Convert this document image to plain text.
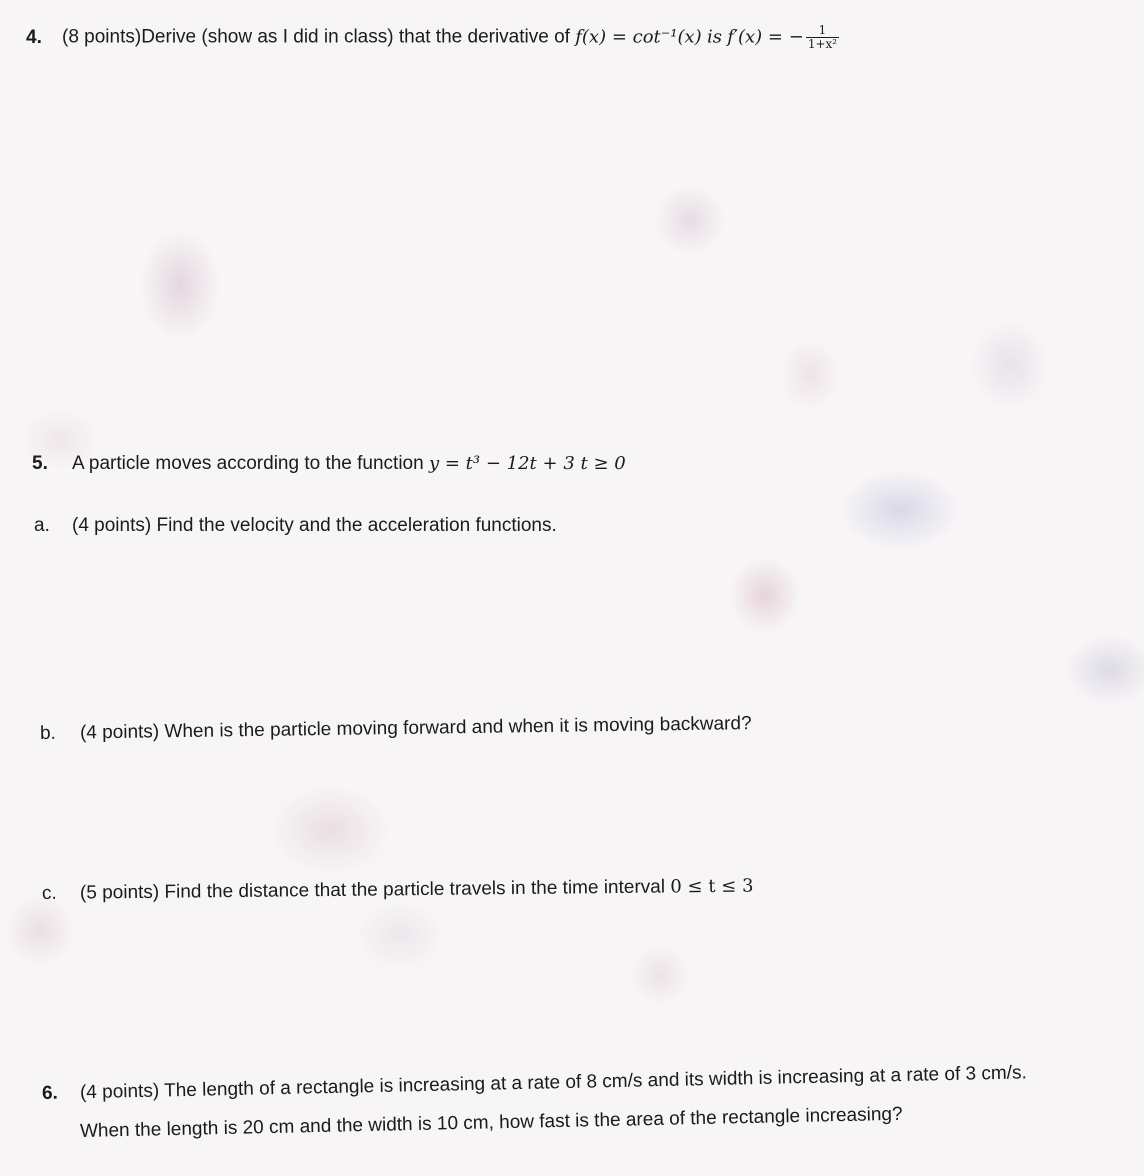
4. (8 points)Derive (show as I did in class) that the derivative of f(x) = cot⁻¹(x) is f′(x) = − $\frac{1}{\text{1+x²}}$
5. A particle moves according to the function y = t³ − 12t + 3 t ≥ 0
a. (4 points) Find the velocity and the acceleration functions.
b. (4 points) When is the particle moving forward and when it is moving backward?
c. (5 points) Find the distance that the particle travels in the time interval 0 ≤ t ≤ 3
6. (4 points) The length of a rectangle is increasing at a rate of 8 cm/s and its width is increasing at a rate of 3 cm/s.
When the length is 20 cm and the width is 10 cm, how fast is the area of the rectangle increasing?
